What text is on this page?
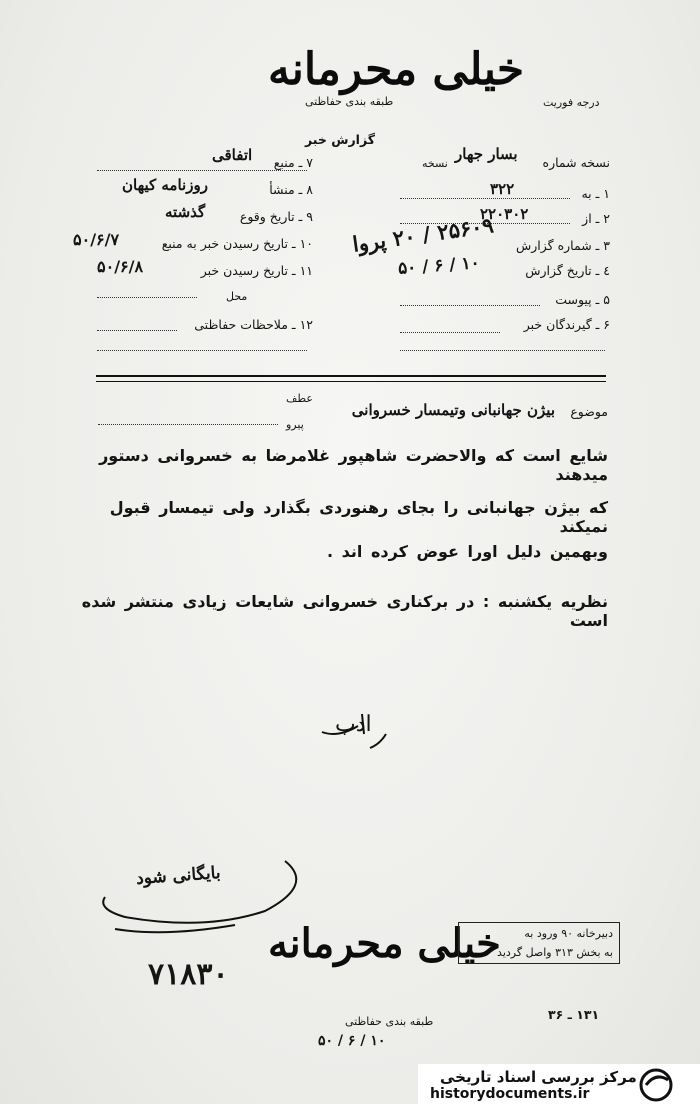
خیلی محرمانه
طبقه بندی حفاظتی	درجه فوریت
گزارش خبر
نسخه شماره
بسار جهار
نسخه
۱ ـ به
۳۲۲
۲ ـ از
۲۲۰۳۰۲
۳ ـ شماره گزارش
۲۵۶۰۹ / ۲۰ پروا
٤ ـ تاریخ گزارش
۱۰ / ۶ / ۵۰
۵ ـ پیوست
۶ ـ گیرندگان خبر
۷ ـ منبع
اتفاقی
۸ ـ منشأ
روزنامه کیهان
۹ ـ تاریخ وقوع
گذشته
۱۰ ـ تاریخ رسیدن خبر به منبع
۵۰/۶/۷
۱۱ ـ تاریخ رسیدن خبر
۵۰/۶/۸
محل
۱۲ ـ ملاحظات حفاظتی
عطف
پیرو
موضوع
بیژن جهانبانی وتیمسار خسروانی
شایع است که والاحضرت شاهپور غلامرضا به خسروانی دستور میدهند
که بیژن جهانبانی را بجای رهنوردی بگذارد ولی تیمسار قبول نمیکند
وبهمین دلیل اورا عوض کرده اند .
نظریه یکشنبه : در برکناری خسروانی شایعات زیادی منتشر شده است
ادب
بایگانی شود
خیلی محرمانه
۷۱۸۳۰
دبیرخانه ۹۰ ورود به
به بخش ۳۱۳ واصل گردید
۱۳۱ ـ ۳۶
طبقه بندی حفاظتی
۱۰ / ۶ / ۵۰
مرکز بررسی اسناد تاریخی
historydocuments.ir
